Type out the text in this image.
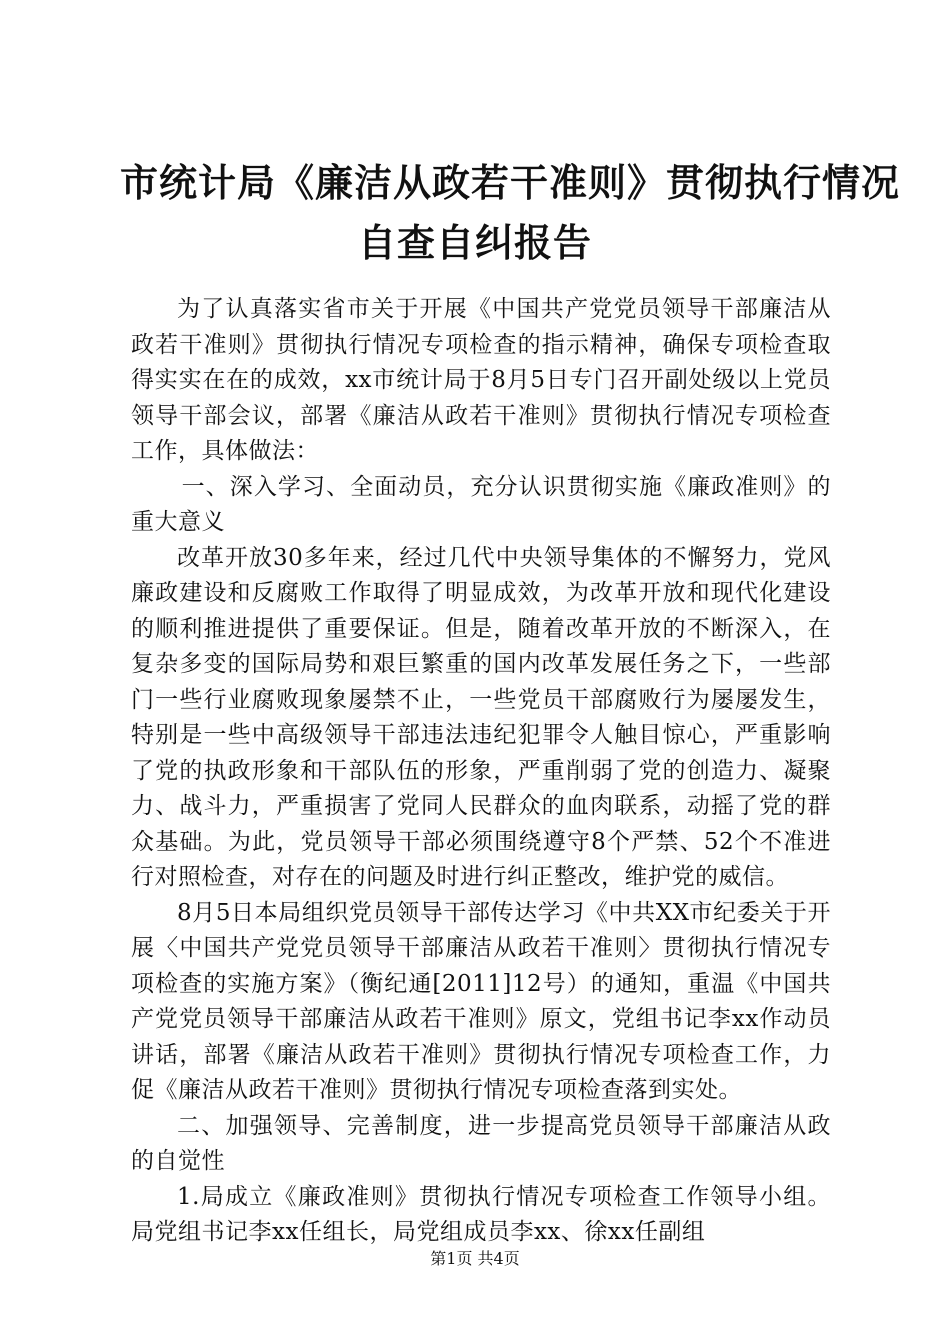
市统计局《廉洁从政若干准则》贯彻执行情况
自查自纠报告

为了认真落实省市关于开展《中国共产党党员领导干部廉洁从政若干准则》贯彻执行情况专项检查的指示精神，确保专项检查取得实实在在的成效，xx市统计局于8月5日专门召开副处级以上党员领导干部会议，部署《廉洁从政若干准则》贯彻执行情况专项检查工作，具体做法：

一、深入学习、全面动员，充分认识贯彻实施《廉政准则》的重大意义

改革开放30多年来，经过几代中央领导集体的不懈努力，党风廉政建设和反腐败工作取得了明显成效，为改革开放和现代化建设的顺利推进提供了重要保证。但是，随着改革开放的不断深入，在复杂多变的国际局势和艰巨繁重的国内改革发展任务之下，一些部门一些行业腐败现象屡禁不止，一些党员干部腐败行为屡屡发生，特别是一些中高级领导干部违法违纪犯罪令人触目惊心，严重影响了党的执政形象和干部队伍的形象，严重削弱了党的创造力、凝聚力、战斗力，严重损害了党同人民群众的血肉联系，动摇了党的群众基础。为此，党员领导干部必须围绕遵守8个严禁、52个不准进行对照检查，对存在的问题及时进行纠正整改，维护党的威信。

8月5日本局组织党员领导干部传达学习《中共XX市纪委关于开展〈中国共产党党员领导干部廉洁从政若干准则〉贯彻执行情况专项检查的实施方案》（衡纪通[2011]12号）的通知，重温《中国共产党党员领导干部廉洁从政若干准则》原文，党组书记李xx作动员讲话，部署《廉洁从政若干准则》贯彻执行情况专项检查工作，力促《廉洁从政若干准则》贯彻执行情况专项检查落到实处。

二、加强领导、完善制度，进一步提高党员领导干部廉洁从政的自觉性

1.局成立《廉政准则》贯彻执行情况专项检查工作领导小组。局党组书记李xx任组长，局党组成员李xx、徐xx任副组

第1页 共4页
